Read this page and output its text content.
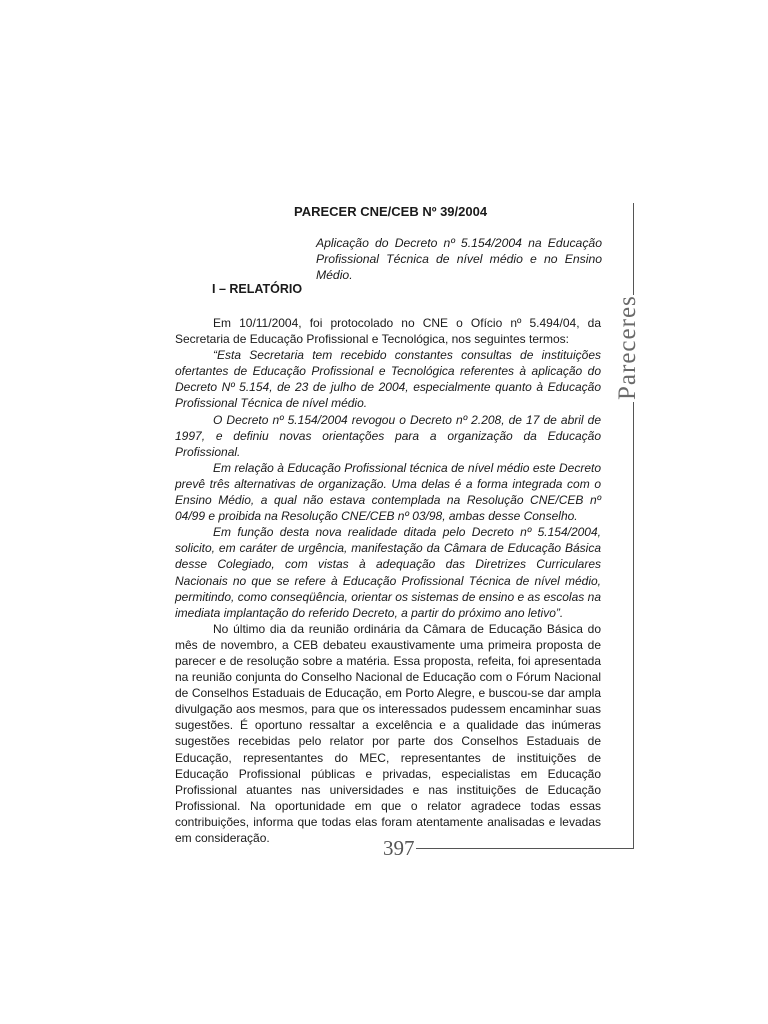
PARECER CNE/CEB Nº 39/2004
Aplicação do Decreto nº 5.154/2004 na Educação Profissional Técnica de nível médio e no Ensino Médio.
I – RELATÓRIO

Em 10/11/2004, foi protocolado no CNE o Ofício nº 5.494/04, da Secretaria de Educação Profissional e Tecnológica, nos seguintes termos:

“Esta Secretaria tem recebido constantes consultas de instituições ofertantes de Educação Profissional e Tecnológica referentes à aplicação do Decreto Nº 5.154, de 23 de julho de 2004, especialmente quanto à Educação Profissional Técnica de nível médio.

O Decreto nº 5.154/2004 revogou o Decreto nº 2.208, de 17 de abril de 1997, e definiu novas orientações para a organização da Educação Profissional.

Em relação à Educação Profissional técnica de nível médio este Decreto prevê três alternativas de organização. Uma delas é a forma integrada com o Ensino Médio, a qual não estava contemplada na Resolução CNE/CEB nº 04/99 e proibida na Resolução CNE/CEB nº 03/98, ambas desse Conselho.

Em função desta nova realidade ditada pelo Decreto nº 5.154/2004, solicito, em caráter de urgência, manifestação da Câmara de Educação Básica desse Colegiado, com vistas à adequação das Diretrizes Curriculares Nacionais no que se refere à Educação Profissional Técnica de nível médio, permitindo, como conseqüência, orientar os sistemas de ensino e as escolas na imediata implantação do referido Decreto, a partir do próximo ano letivo”.

No último dia da reunião ordinária da Câmara de Educação Básica do mês de novembro, a CEB debateu exaustivamente uma primeira proposta de parecer e de resolução sobre a matéria. Essa proposta, refeita, foi apresentada na reunião conjunta do Conselho Nacional de Educação com o Fórum Nacional de Conselhos Estaduais de Educação, em Porto Alegre, e buscou-se dar ampla divulgação aos mesmos, para que os interessados pudessem encaminhar suas sugestões. É oportuno ressaltar a excelência e a qualidade das inúmeras sugestões recebidas pelo relator por parte dos Conselhos Estaduais de Educação, representantes do MEC, representantes de instituições de Educação Profissional públicas e privadas, especialistas em Educação Profissional atuantes nas universidades e nas instituições de Educação Profissional. Na oportunidade em que o relator agradece todas essas contribuições, informa que todas elas foram atentamente analisadas e levadas em consideração.

Pareceres
397
